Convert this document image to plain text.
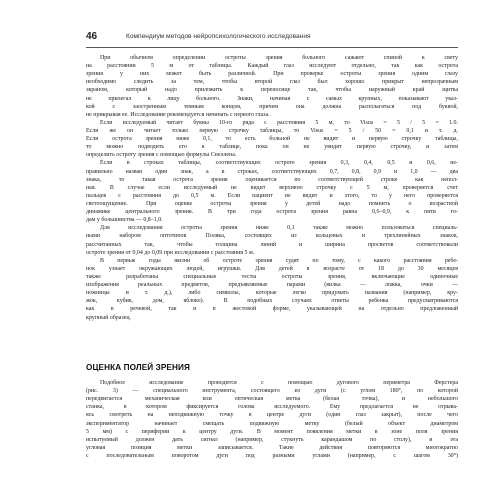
46	Компендиум методов нейропсихологического исследования
При обычном определении остроты зрения больного сажают спиной к свету
на расстоянии 5 м от таблицы. Каждый глаз исследуют отдельно, так как острота
зрения у них может быть различной. При проверке остроты зрения одним глазу
необходимо следить за тем, чтобы второй глаз был хорошо прикрыт непрозрачным
экраном, который надо приложить к переносице так, чтобы наружный край щитка
не прилегал к лицу больного. Знаки, начиная с самых крупных, показывают указ-
кой с заостренным темным концом, причем она должна располагаться под буквой,
не прикрывая ее. Исследование рекомендуется начинать с первого глаза.
Если исследуемый читает буквы 10-го ряда с расстояния 5 м, то Visus = 5 / 5 = 1.0.
Если же он читает только первую строчку таблицы, то Visus = 5 / 50 = 0,1 и т. д.
Если острота зрения ниже 0,1, то есть больной не видит и первую строчку таблицы,
то можно подводить его к таблице, пока он не увидит первую строчку, и затем
определить остроту зрения с помощью формулы Снеллена.
Если в строках таблицы, соответствующих остроте зрения 0,3, 0,4, 0,5 и 0,6, не-
правильно назван один знак, а в строках, соответствующих 0,7, 0,8, 0,9 и 1,0 — два
знака, то такая острота зрения оценивается по соответствующей строке как непол-
ная. В случае если исследуемый не видит верхнюю строчку с 5 м, проверяется счет
пальцев с расстояния до 0,5 м. Если пациент не видит и этого, то у него проверяется
светоощущение. При оценке остроты зрения у детей надо помнить о возрастной
динамике центрального зрения. В три года острота зрения равна 0,6–0,9, к пяти го-
дам у большинства — 0,8–1,0.
Для исследования остроты зрения ниже 0,1 также можно пользоваться специаль-
ными набором оптотипов Поляка, состоящих из кольцевых и трехлинейных знаков,
рассчитанных так, чтобы толщина линий и ширина просветов соответствовали
остроте зрения от 0,04 до 0,09 при исследовании с расстояния 5 м.
В первые годы жизни об остроте зрения судят по тому, с какого расстояния ребе-
нок узнает окружающих людей, игрушки. Для детей в возрасте от 18 до 30 месяцев
также разработаны специальные тесты остроты зрения, включающие одиночные
изображения реальных предметов, предъявляемые парами (вилка — ложка, очки —
ножницы и т. д.), либо символы, которые легко придумать названия (например, кру-
жок, кубик, дом, яблоко). В подобных случаях ответы ребенка предусматриваются
как в речевой, так и в жестовой форме, указывающей на отдельно предложенный
крупный образец.
ОЦЕНКА ПОЛЕЙ ЗРЕНИЯ
Подобное исследование проводится с помощью дугового периметра Ферстера
(рис. 3) — специального инструмента, состоящего из дуги (с углом 180°, по которой
передвигается механическая или оптическая метка (белая точка), и небольшого
станка, в котором фиксируется голова исследуемого. Ему предлагается не отрыва-
ясь смотреть на неподвижную точку в центре дуги (один глаз закрыт), после чего
экспериментатор начинает смещать подвижную метку (белый объект диаметром
5 мм) с периферии к центру дуги. В момент появления метки в зоне поля зрения
испытуемый должен дать сигнал (например, стукнуть карандашом по столу), и эта
угловая позиция метки записывается. Такие действия повторяются многократно
с последовательным поворотом дуги под разными углами (например, с шагом 30°)
